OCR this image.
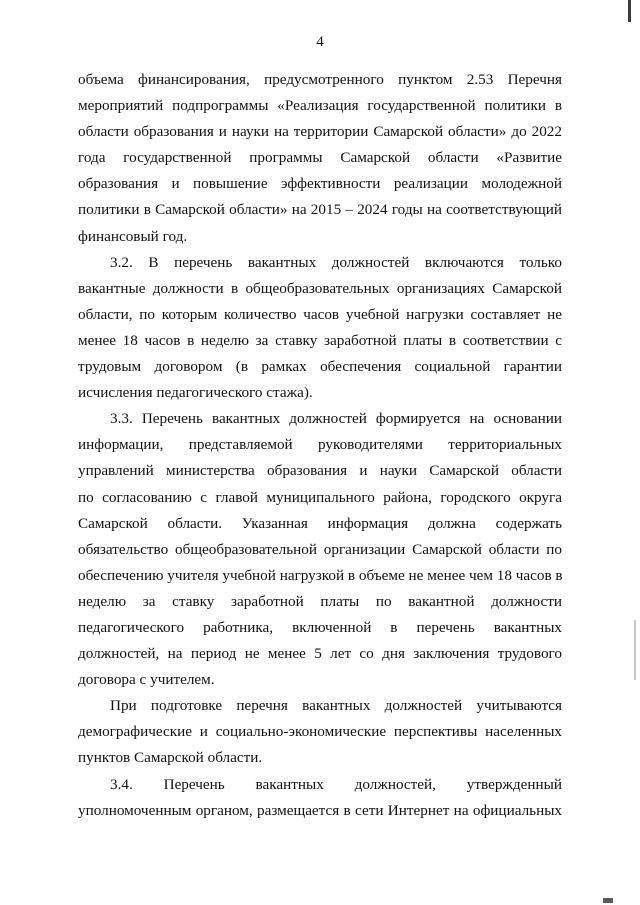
4
объема финансирования, предусмотренного пунктом 2.53 Перечня
мероприятий подпрограммы «Реализация государственной политики в
области образования и науки на территории Самарской области» до 2022
года государственной программы Самарской области «Развитие
образования и повышение эффективности реализации молодежной
политики в Самарской области» на 2015 – 2024 годы на соответствующий
финансовый год.
3.2. В перечень вакантных должностей включаются только
вакантные должности в общеобразовательных организациях Самарской
области, по которым количество часов учебной нагрузки составляет не
менее 18 часов в неделю за ставку заработной платы в соответствии с
трудовым договором (в рамках обеспечения социальной гарантии
исчисления педагогического стажа).
3.3. Перечень вакантных должностей формируется на основании
информации, представляемой руководителями территориальных
управлений министерства образования и науки Самарской области
по согласованию с главой муниципального района, городского округа
Самарской области. Указанная информация должна содержать
обязательство общеобразовательной организации Самарской области по
обеспечению учителя учебной нагрузкой в объеме не менее чем 18 часов в
неделю за ставку заработной платы по вакантной должности
педагогического работника, включенной в перечень вакантных
должностей, на период не менее 5 лет со дня заключения трудового
договора с учителем.
При подготовке перечня вакантных должностей учитываются
демографические и социально-экономические перспективы населенных
пунктов Самарской области.
3.4. Перечень вакантных должностей, утвержденный
уполномоченным органом, размещается в сети Интернет на официальных
